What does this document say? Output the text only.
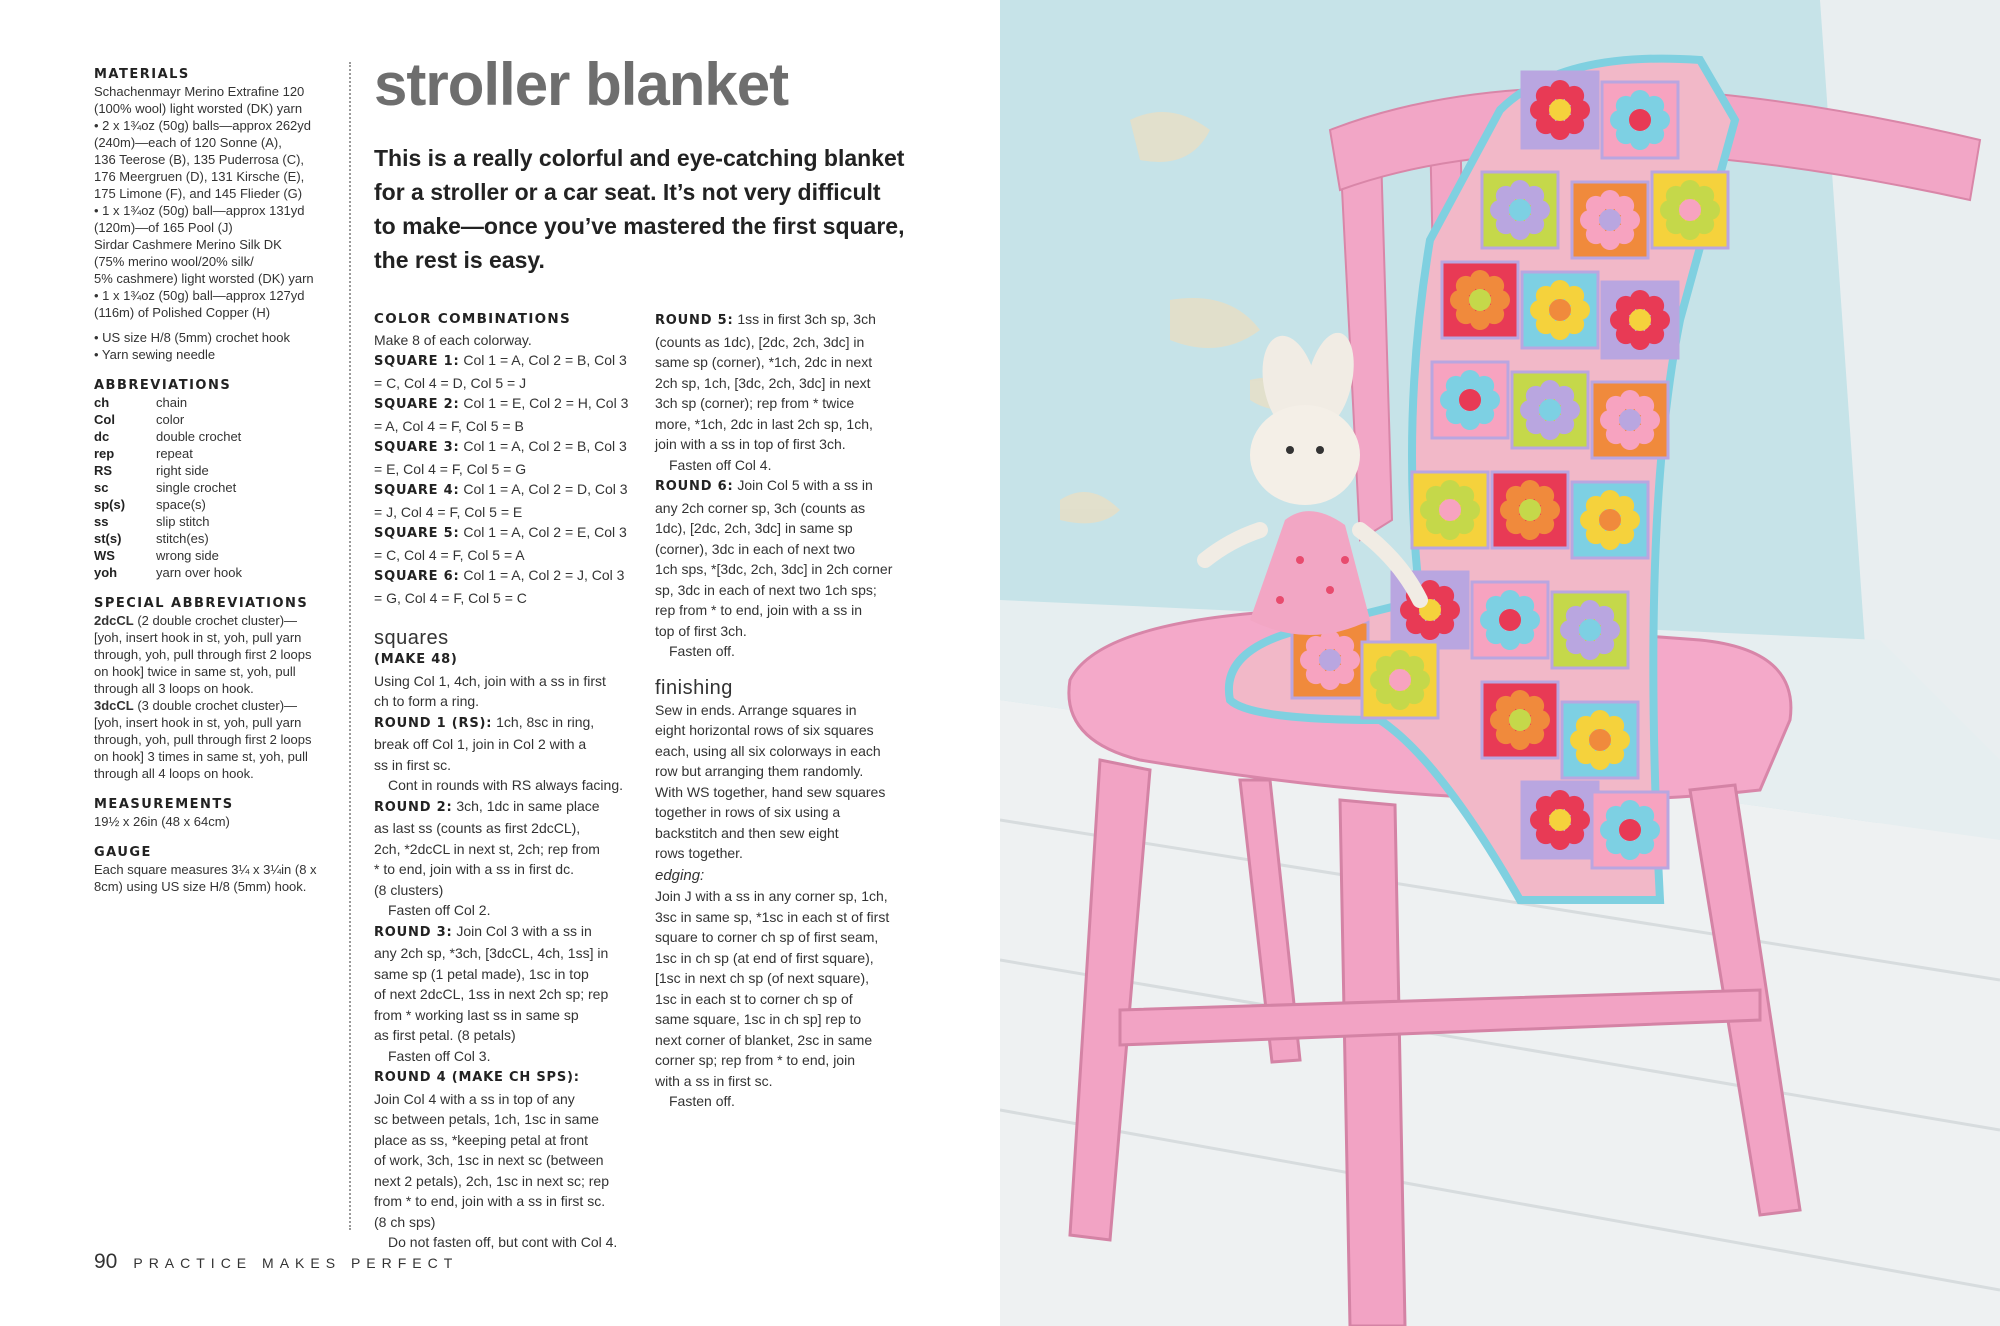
MATERIALS
Schachenmayr Merino Extrafine 120
(100% wool) light worsted (DK) yarn
• 2 x 1¾oz (50g) balls—approx 262yd
(240m)—each of 120 Sonne (A),
136 Teerose (B), 135 Puderrosa (C),
176 Meergruen (D), 131 Kirsche (E),
175 Limone (F), and 145 Flieder (G)
• 1 x 1¾oz (50g) ball—approx 131yd
(120m)—of 165 Pool (J)
Sirdar Cashmere Merino Silk DK
(75% merino wool/20% silk/
5% cashmere) light worsted (DK) yarn
• 1 x 1¾oz (50g) ball—approx 127yd
(116m) of Polished Copper (H)
• US size H/8 (5mm) crochet hook
• Yarn sewing needle
ABBREVIATIONS
ch	chain
Col	color
dc	double crochet
rep	repeat
RS	right side
sc	single crochet
sp(s)	space(s)
ss	slip stitch
st(s)	stitch(es)
WS	wrong side
yoh	yarn over hook
SPECIAL ABBREVIATIONS
2dcCL (2 double crochet cluster)—
[yoh, insert hook in st, yoh, pull yarn
through, yoh, pull through first 2 loops
on hook] twice in same st, yoh, pull
through all 3 loops on hook.
3dcCL (3 double crochet cluster)—
[yoh, insert hook in st, yoh, pull yarn
through, yoh, pull through first 2 loops
on hook] 3 times in same st, yoh, pull
through all 4 loops on hook.
MEASUREMENTS
19½ x 26in (48 x 64cm)
GAUGE
Each square measures 3¼ x 3¼in (8 x
8cm) using US size H/8 (5mm) hook.
stroller blanket

This is a really colorful and eye-catching blanket
for a stroller or a car seat. It’s not very difficult
to make—once you’ve mastered the first square,
the rest is easy.

COLOR COMBINATIONS
Make 8 of each colorway.
SQUARE 1: Col 1 = A, Col 2 = B, Col 3
= C, Col 4 = D, Col 5 = J
SQUARE 2: Col 1 = E, Col 2 = H, Col 3
= A, Col 4 = F, Col 5 = B
SQUARE 3: Col 1 = A, Col 2 = B, Col 3
= E, Col 4 = F, Col 5 = G
SQUARE 4: Col 1 = A, Col 2 = D, Col 3
= J, Col 4 = F, Col 5 = E
SQUARE 5: Col 1 = A, Col 2 = E, Col 3
= C, Col 4 = F, Col 5 = A
SQUARE 6: Col 1 = A, Col 2 = J, Col 3
= G, Col 4 = F, Col 5 = C
squares
(MAKE 48)
Using Col 1, 4ch, join with a ss in first
ch to form a ring.
ROUND 1 (RS): 1ch, 8sc in ring,
break off Col 1, join in Col 2 with a
ss in first sc.
Cont in rounds with RS always facing.
ROUND 2: 3ch, 1dc in same place
as last ss (counts as first 2dcCL),
2ch, *2dcCL in next st, 2ch; rep from
* to end, join with a ss in first dc.
(8 clusters)
Fasten off Col 2.
ROUND 3: Join Col 3 with a ss in
any 2ch sp, *3ch, [3dcCL, 4ch, 1ss] in
same sp (1 petal made), 1sc in top
of next 2dcCL, 1ss in next 2ch sp; rep
from * working last ss in same sp
as first petal. (8 petals)
Fasten off Col 3.
ROUND 4 (MAKE CH SPS):
Join Col 4 with a ss in top of any
sc between petals, 1ch, 1sc in same
place as ss, *keeping petal at front
of work, 3ch, 1sc in next sc (between
next 2 petals), 2ch, 1sc in next sc; rep
from * to end, join with a ss in first sc.
(8 ch sps)
Do not fasten off, but cont with Col 4.
ROUND 5: 1ss in first 3ch sp, 3ch
(counts as 1dc), [2dc, 2ch, 3dc] in
same sp (corner), *1ch, 2dc in next
2ch sp, 1ch, [3dc, 2ch, 3dc] in next
3ch sp (corner); rep from * twice
more, *1ch, 2dc in last 2ch sp, 1ch,
join with a ss in top of first 3ch.
Fasten off Col 4.
ROUND 6: Join Col 5 with a ss in
any 2ch corner sp, 3ch (counts as
1dc), [2dc, 2ch, 3dc] in same sp
(corner), 3dc in each of next two
1ch sps, *[3dc, 2ch, 3dc] in 2ch corner
sp, 3dc in each of next two 1ch sps;
rep from * to end, join with a ss in
top of first 3ch.
Fasten off.
finishing
Sew in ends. Arrange squares in
eight horizontal rows of six squares
each, using all six colorways in each
row but arranging them randomly.
With WS together, hand sew squares
together in rows of six using a
backstitch and then sew eight
rows together.
edging:
Join J with a ss in any corner sp, 1ch,
3sc in same sp, *1sc in each st of first
square to corner ch sp of first seam,
1sc in ch sp (at end of first square),
[1sc in next ch sp (of next square),
1sc in each st to corner ch sp of
same square, 1sc in ch sp] rep to
next corner of blanket, 2sc in same
corner sp; rep from * to end, join
with a ss in first sc.
Fasten off.
90 PRACTICE MAKES PERFECT
